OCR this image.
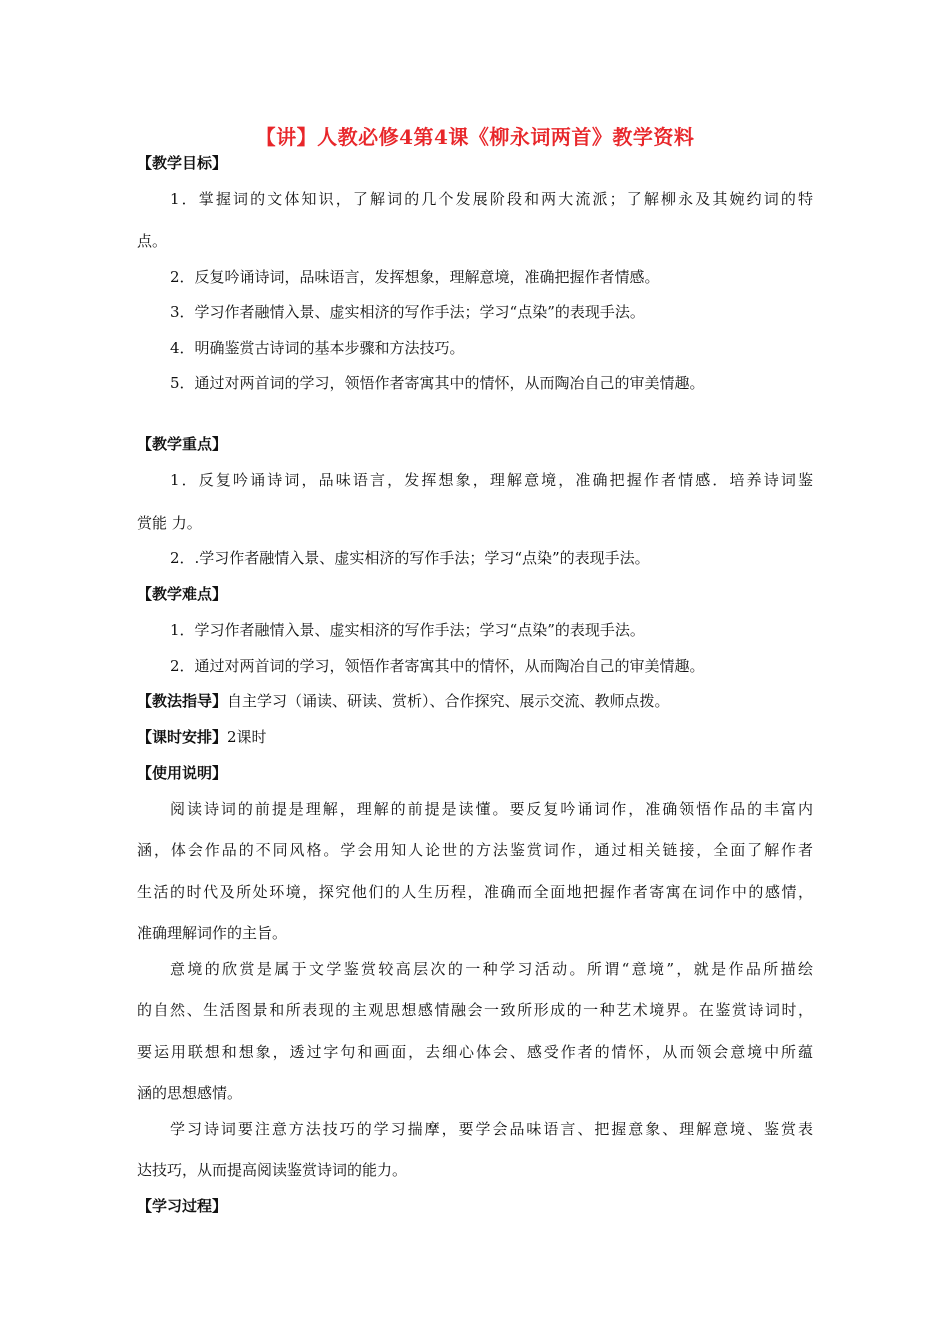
【讲】人教必修4第4课《柳永词两首》教学资料
【教学目标】
1．掌握词的文体知识，了解词的几个发展阶段和两大流派；了解柳永及其婉约词的特
点。
2．反复吟诵诗词，品味语言，发挥想象，理解意境，准确把握作者情感。
3．学习作者融情入景、虚实相济的写作手法；学习“点染”的表现手法。
4．明确鉴赏古诗词的基本步骤和方法技巧。
5．通过对两首词的学习，领悟作者寄寓其中的情怀，从而陶冶自己的审美情趣。
【教学重点】
1．反复吟诵诗词，品味语言，发挥想象，理解意境，准确把握作者情感．培养诗词鉴
赏能 力。
2．.学习作者融情入景、虚实相济的写作手法；学习“点染”的表现手法。
【教学难点】
1．学习作者融情入景、虚实相济的写作手法；学习“点染”的表现手法。
2．通过对两首词的学习，领悟作者寄寓其中的情怀，从而陶冶自己的审美情趣。
【教法指导】自主学习（诵读、研读、赏析）、合作探究、展示交流、教师点拨。
【课时安排】2课时
【使用说明】
阅读诗词的前提是理解，理解的前提是读懂。要反复吟诵词作，准确领悟作品的丰富内
涵，体会作品的不同风格。学会用知人论世的方法鉴赏词作，通过相关链接，全面了解作者
生活的时代及所处环境，探究他们的人生历程，准确而全面地把握作者寄寓在词作中的感情，
准确理解词作的主旨。
意境的欣赏是属于文学鉴赏较高层次的一种学习活动。所谓“意境”，就是作品所描绘
的自然、生活图景和所表现的主观思想感情融会一致所形成的一种艺术境界。在鉴赏诗词时，
要运用联想和想象，透过字句和画面，去细心体会、感受作者的情怀，从而领会意境中所蕴
涵的思想感情。
学习诗词要注意方法技巧的学习揣摩，要学会品味语言、把握意象、理解意境、鉴赏表
达技巧，从而提高阅读鉴赏诗词的能力。
【学习过程】
